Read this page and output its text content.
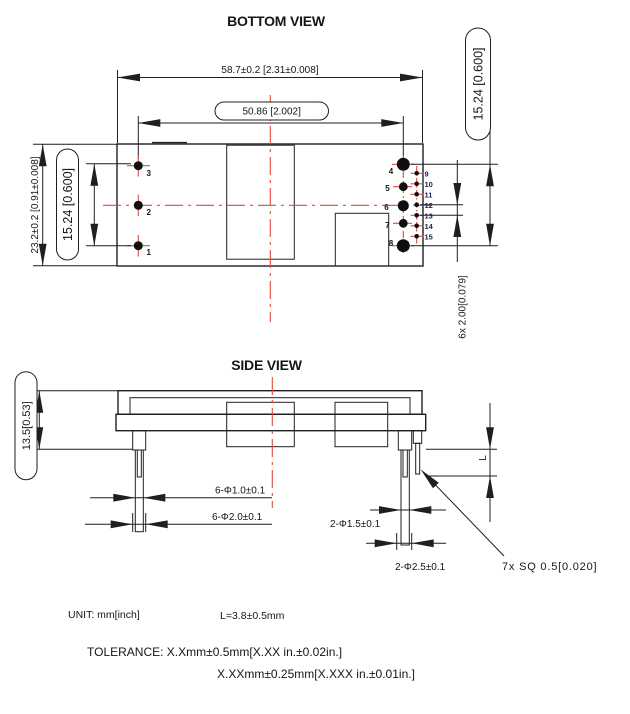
BOTTOM VIEW
58.7±0.2 [2.31±0.008]
3
2
1
4
5
6
7
8
9
10
11
12
13
14
15
23.2±0.2 [0.91±0.008] 15.24 [0.600]
50.86 [2.002]	15.24 [0.600]
6x 2.00[0.079]
SIDE VIEW
13.5[0.53]
6-Φ1.0±0.1
6-Φ2.0±0.1
2-Φ1.5±0.1
2-Φ2.5±0.1
L
7x SQ 0.5[0.020]
UNIT: mm[inch]	L=3.8±0.5mm
TOLERANCE: X.Xmm±0.5mm[X.XX in.±0.02in.]
X.XXmm±0.25mm[X.XXX in.±0.01in.]
